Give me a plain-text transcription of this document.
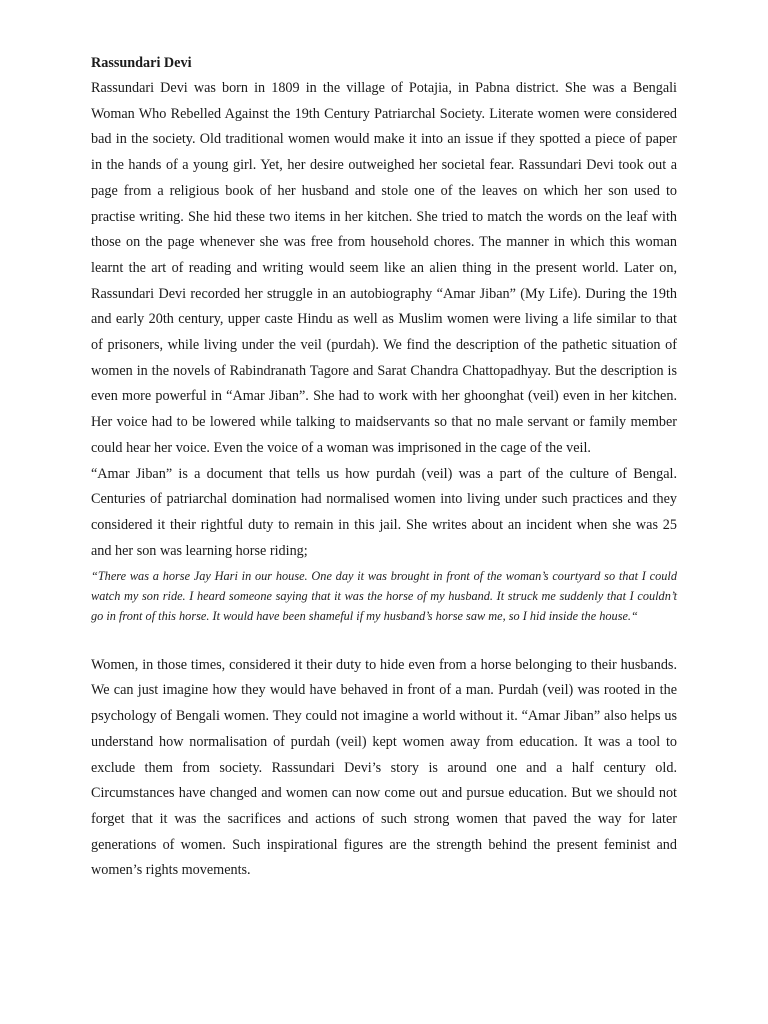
Rassundari Devi

Rassundari Devi was born in 1809 in the village of Potajia, in Pabna district. She was a Bengali Woman Who Rebelled Against the 19th Century Patriarchal Society. Literate women were considered bad in the society. Old traditional women would make it into an issue if they spotted a piece of paper in the hands of a young girl. Yet, her desire outweighed her societal fear. Rassundari Devi took out a page from a religious book of her husband and stole one of the leaves on which her son used to practise writing. She hid these two items in her kitchen. She tried to match the words on the leaf with those on the page whenever she was free from household chores. The manner in which this woman learnt the art of reading and writing would seem like an alien thing in the present world. Later on, Rassundari Devi recorded her struggle in an autobiography “Amar Jiban” (My Life). During the 19th and early 20th century, upper caste Hindu as well as Muslim women were living a life similar to that of prisoners, while living under the veil (purdah). We find the description of the pathetic situation of women in the novels of Rabindranath Tagore and Sarat Chandra Chattopadhyay. But the description is even more powerful in “Amar Jiban”. She had to work with her ghoonghat (veil) even in her kitchen. Her voice had to be lowered while talking to maidservants so that no male servant or family member could hear her voice. Even the voice of a woman was imprisoned in the cage of the veil.

“Amar Jiban” is a document that tells us how purdah (veil) was a part of the culture of Bengal. Centuries of patriarchal domination had normalised women into living under such practices and they considered it their rightful duty to remain in this jail. She writes about an incident when she was 25 and her son was learning horse riding;

“There was a horse Jay Hari in our house. One day it was brought in front of the woman’s courtyard so that I could watch my son ride. I heard someone saying that it was the horse of my husband. It struck me suddenly that I couldn’t go in front of this horse. It would have been shameful if my husband’s horse saw me, so I hid inside the house.“

Women, in those times, considered it their duty to hide even from a horse belonging to their husbands. We can just imagine how they would have behaved in front of a man. Purdah (veil) was rooted in the psychology of Bengali women. They could not imagine a world without it. “Amar Jiban” also helps us understand how normalisation of purdah (veil) kept women away from education. It was a tool to exclude them from society. Rassundari Devi’s story is around one and a half century old. Circumstances have changed and women can now come out and pursue education. But we should not forget that it was the sacrifices and actions of such strong women that paved the way for later generations of women. Such inspirational figures are the strength behind the present feminist and women’s rights movements.
